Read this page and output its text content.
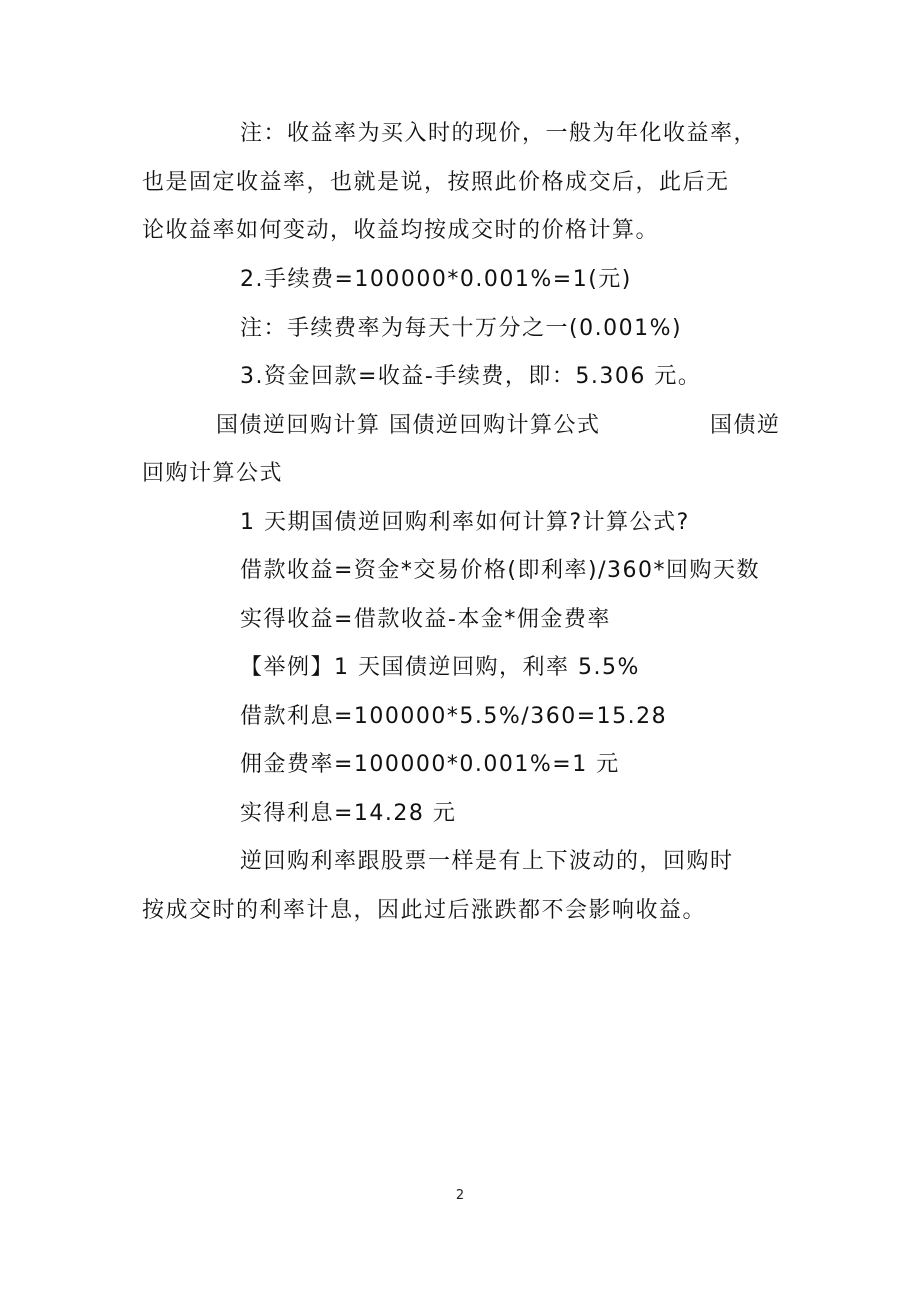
注：收益率为买入时的现价，一般为年化收益率，
也是固定收益率，也就是说，按照此价格成交后，此后无
论收益率如何变动，收益均按成交时的价格计算。
2.手续费=100000*0.001%=1(元)
注：手续费率为每天十万分之一(0.001%)
3.资金回款=收益-手续费，即：5.306 元。
国债逆回购计算 国债逆回购计算公式	国债逆
回购计算公式
1 天期国债逆回购利率如何计算?计算公式?
借款收益=资金*交易价格(即利率)/360*回购天数
实得收益=借款收益-本金*佣金费率
【举例】1 天国债逆回购，利率 5.5%
借款利息=100000*5.5%/360=15.28
佣金费率=100000*0.001%=1 元
实得利息=14.28 元
逆回购利率跟股票一样是有上下波动的，回购时
按成交时的利率计息，因此过后涨跌都不会影响收益。
2
